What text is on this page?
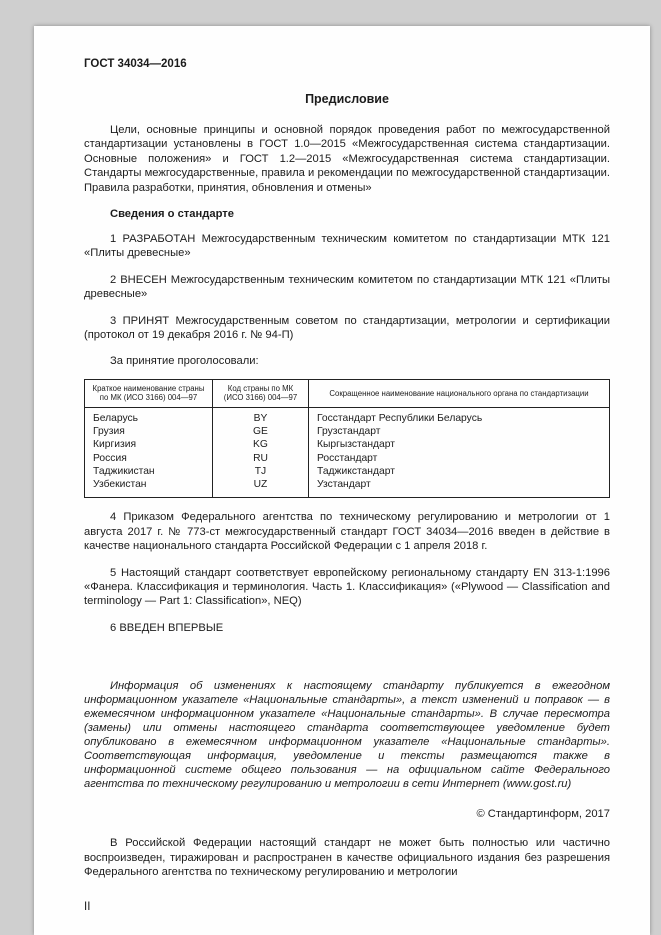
ГОСТ 34034—2016
Предисловие

Цели, основные принципы и основной порядок проведения работ по межгосударственной стандартизации установлены в ГОСТ 1.0—2015 «Межгосударственная система стандартизации. Основные положения» и ГОСТ 1.2—2015 «Межгосударственная система стандартизации. Стандарты межгосударственные, правила и рекомендации по межгосударственной стандартизации. Правила разработки, принятия, обновления и отмены»

Сведения о стандарте

1 РАЗРАБОТАН Межгосударственным техническим комитетом по стандартизации МТК 121 «Плиты древесные»

2 ВНЕСЕН Межгосударственным техническим комитетом по стандартизации МТК 121 «Плиты древесные»

3 ПРИНЯТ Межгосударственным советом по стандартизации, метрологии и сертификации (протокол от 19 декабря 2016 г. № 94-П)

За принятие проголосовали:

Краткое наименование страны по МК (ИСО 3166) 004—97	Код страны по МК (ИСО 3166) 004—97	Сокращенное наименование национального органа по стандартизации
Беларусь	BY	Госстандарт Республики Беларусь
Грузия	GE	Грузстандарт
Киргизия	KG	Кыргызстандарт
Россия	RU	Росстандарт
Таджикистан	TJ	Таджикстандарт
Узбекистан	UZ	Узстандарт

4 Приказом Федерального агентства по техническому регулированию и метрологии от 1 августа 2017 г. № 773-ст межгосударственный стандарт ГОСТ 34034—2016 введен в действие в качестве национального стандарта Российской Федерации с 1 апреля 2018 г.

5 Настоящий стандарт соответствует европейскому региональному стандарту EN 313-1:1996 «Фанера. Классификация и терминология. Часть 1. Классификация» («Plywood — Classification and terminology — Part 1: Classification», NEQ)

6 ВВЕДЕН ВПЕРВЫЕ

Информация об изменениях к настоящему стандарту публикуется в ежегодном информационном указателе «Национальные стандарты», а текст изменений и поправок — в ежемесячном информационном указателе «Национальные стандарты». В случае пересмотра (замены) или отмены настоящего стандарта соответствующее уведомление будет опубликовано в ежемесячном информационном указателе «Национальные стандарты». Соответствующая информация, уведомление и тексты размещаются также в информационной системе общего пользования — на официальном сайте Федерального агентства по техническому регулированию и метрологии в сети Интернет (www.gost.ru)

© Стандартинформ, 2017

В Российской Федерации настоящий стандарт не может быть полностью или частично воспроизведен, тиражирован и распространен в качестве официального издания без разрешения Федерального агентства по техническому регулированию и метрологии

II
